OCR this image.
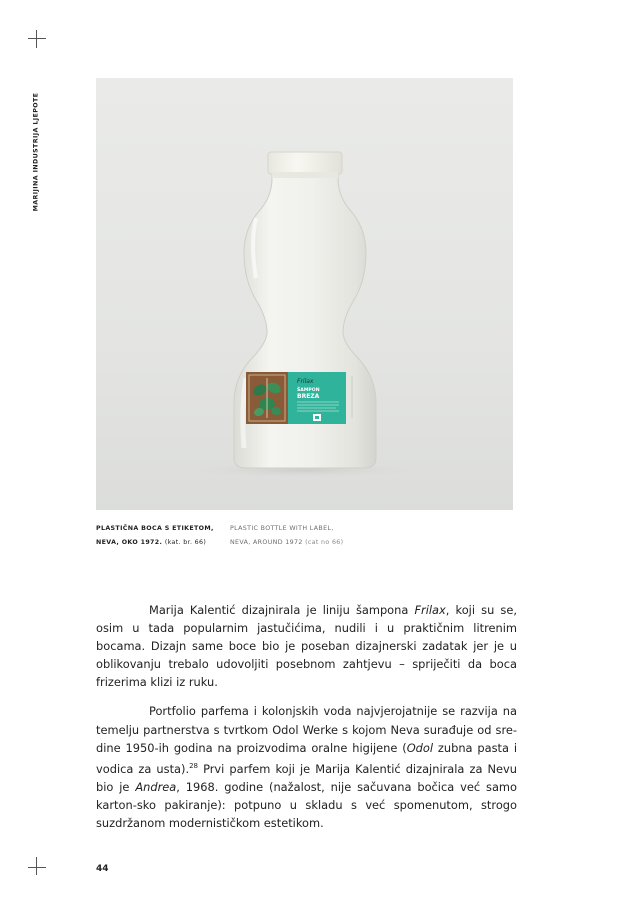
MARIJINA INDUSTRIJA LJEPOTE
Frilax
ŠAMPON
BREZA
PLASTIČNA BOCA S ETIKETOM,
NEVA, OKO 1972. (kat. br. 66)
PLASTIC BOTTLE WITH LABEL,
NEVA, AROUND 1972 (cat no 66)

Marija Kalentić dizajnirala je liniju šampona Frilax, koji su se, osim u tada popularnim jastučićima, nudili i u praktičnim litrenim bocama. Dizajn same boce bio je poseban dizajnerski zadatak jer je u oblikovanju trebalo udovoljiti posebnom zahtjevu – spriječiti da boca frizerima klizi iz ruku.

Portfolio parfema i kolonjskih voda najvjerojatnije se razvija na temelju partnerstva s tvrtkom Odol Werke s kojom Neva surađuje od sre-dine 1950-ih godina na proizvodima oralne higijene (Odol zubna pasta i vodica za usta).$^{28}$ Prvi parfem koji je Marija Kalentić dizajnirala za Nevu bio je Andrea, 1968. godine (nažalost, nije sačuvana bočica već samo karton-sko pakiranje): potpuno u skladu s već spomenutom, strogo suzdržanom modernističkom estetikom.

44
